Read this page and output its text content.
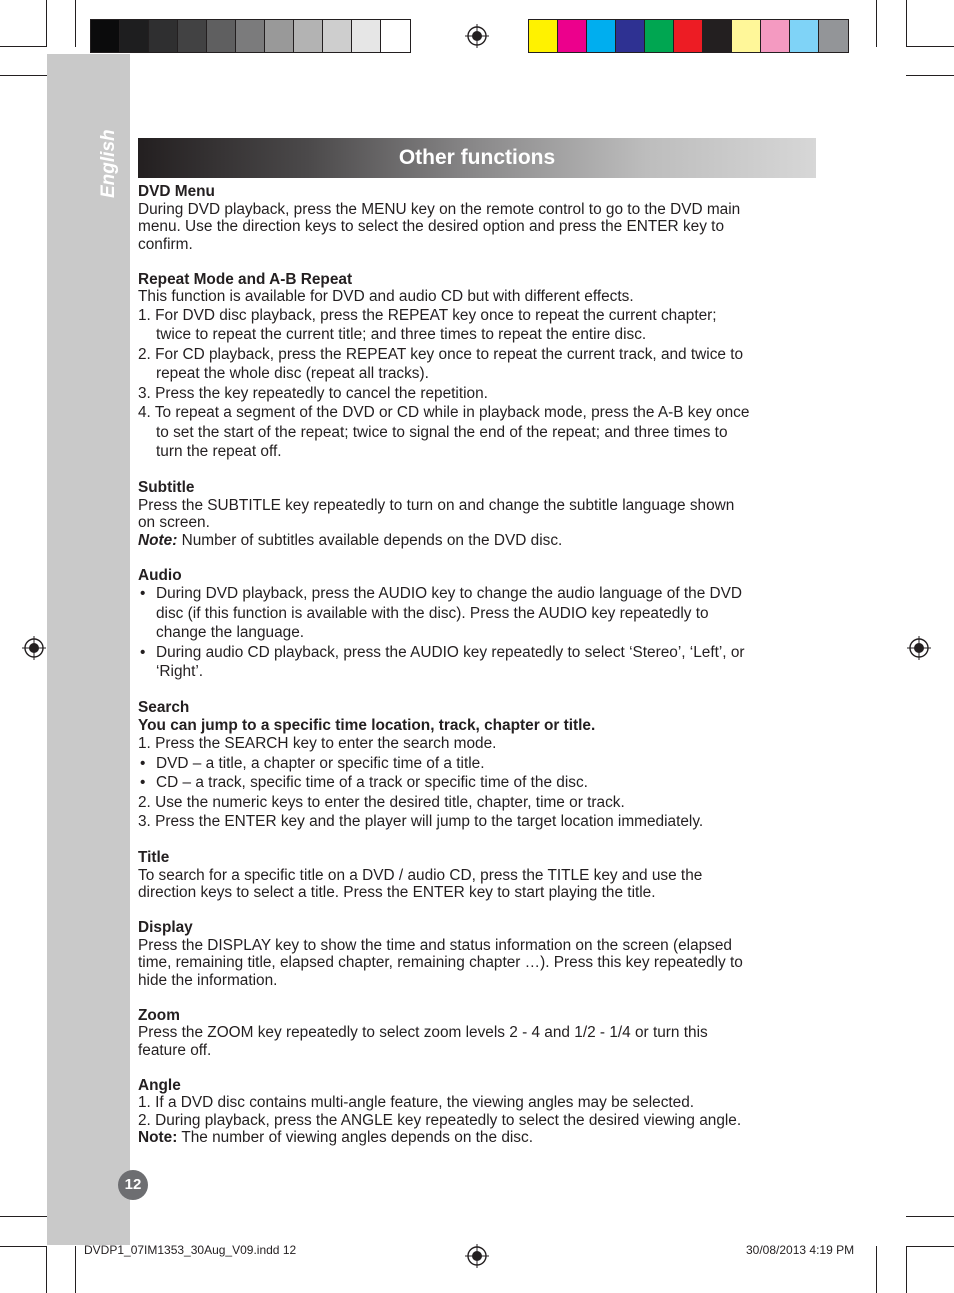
English	Other functions
DVD Menu
During DVD playback, press the MENU key on the remote control to go to the DVD main
menu. Use the direction keys to select the desired option and press the ENTER key to
confirm.
Repeat Mode and A-B Repeat
This function is available for DVD and audio CD but with different effects.
1. For DVD disc playback, press the REPEAT key once to repeat the current chapter;
twice to repeat the current title; and three times to repeat the entire disc.
2. For CD playback, press the REPEAT key once to repeat the current track, and twice to
repeat the whole disc (repeat all tracks).
3. Press the key repeatedly to cancel the repetition.
4. To repeat a segment of the DVD or CD while in playback mode, press the A-B key once
to set the start of the repeat; twice to signal the end of the repeat; and three times to
turn the repeat off.
Subtitle
Press the SUBTITLE key repeatedly to turn on and change the subtitle language shown
on screen.
Note: Number of subtitles available depends on the DVD disc.
Audio
• During DVD playback, press the AUDIO key to change the audio language of the DVD
disc (if this function is available with the disc). Press the AUDIO key repeatedly to
change the language.
• During audio CD playback, press the AUDIO key repeatedly to select ‘Stereo’, ‘Left’, or
‘Right’.
Search
You can jump to a specific time location, track, chapter or title.
1. Press the SEARCH key to enter the search mode.
• DVD – a title, a chapter or specific time of a title.
• CD – a track, specific time of a track or specific time of the disc.
2. Use the numeric keys to enter the desired title, chapter, time or track.
3. Press the ENTER key and the player will jump to the target location immediately.
Title
To search for a specific title on a DVD / audio CD, press the TITLE key and use the
direction keys to select a title. Press the ENTER key to start playing the title.
Display
Press the DISPLAY key to show the time and status information on the screen (elapsed
time, remaining title, elapsed chapter, remaining chapter …). Press this key repeatedly to
hide the information.
Zoom
Press the ZOOM key repeatedly to select zoom levels 2 - 4 and 1/2 - 1/4 or turn this
feature off.
Angle
1. If a DVD disc contains multi-angle feature, the viewing angles may be selected.
2. During playback, press the ANGLE key repeatedly to select the desired viewing angle.
Note: The number of viewing angles depends on the disc.
12
DVDP1_07IM1353_30Aug_V09.indd 12	30/08/2013 4:19 PM
